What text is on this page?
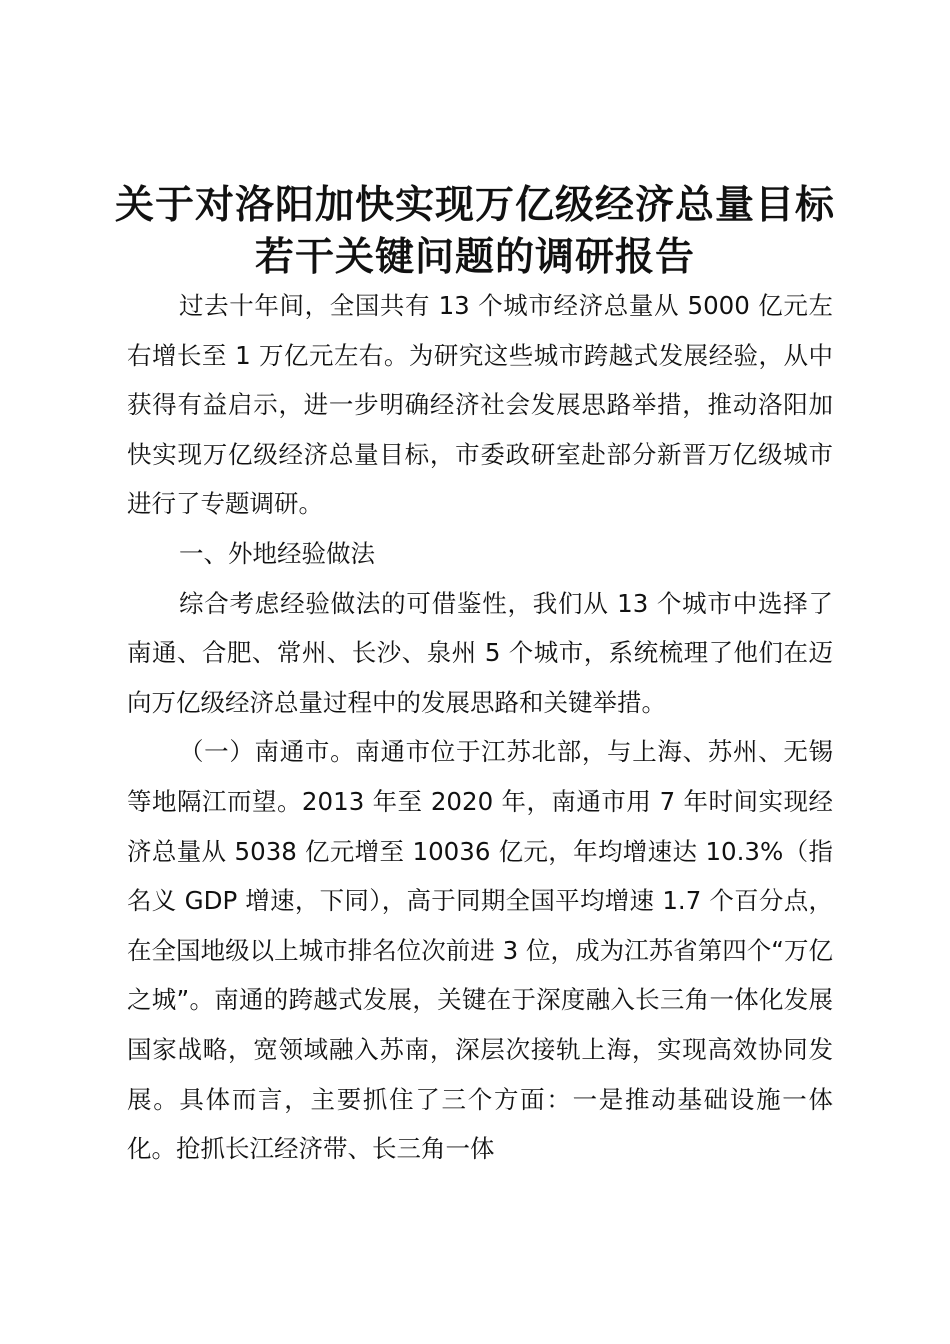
关于对洛阳加快实现万亿级经济总量目标若干关键问题的调研报告

过去十年间，全国共有 13 个城市经济总量从 5000 亿元左右增长至 1 万亿元左右。为研究这些城市跨越式发展经验，从中获得有益启示，进一步明确经济社会发展思路举措，推动洛阳加快实现万亿级经济总量目标，市委政研室赴部分新晋万亿级城市进行了专题调研。

一、外地经验做法

综合考虑经验做法的可借鉴性，我们从 13 个城市中选择了南通、合肥、常州、长沙、泉州 5 个城市，系统梳理了他们在迈向万亿级经济总量过程中的发展思路和关键举措。

（一）南通市。南通市位于江苏北部，与上海、苏州、无锡等地隔江而望。2013 年至 2020 年，南通市用 7 年时间实现经济总量从 5038 亿元增至 10036 亿元，年均增速达 10.3%（指名义 GDP 增速，下同），高于同期全国平均增速 1.7 个百分点，在全国地级以上城市排名位次前进 3 位，成为江苏省第四个“万亿之城”。南通的跨越式发展，关键在于深度融入长三角一体化发展国家战略，宽领域融入苏南，深层次接轨上海，实现高效协同发展。具体而言，主要抓住了三个方面：一是推动基础设施一体化。抢抓长江经济带、长三角一体
